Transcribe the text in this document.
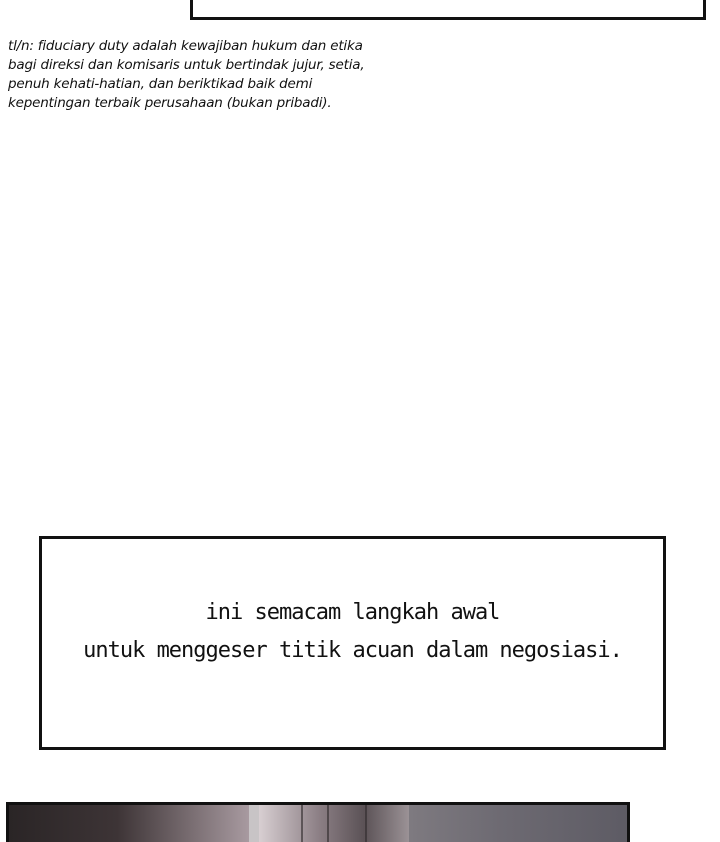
tl/n: fiduciary duty adalah kewajiban hukum dan etika
bagi direksi dan komisaris untuk bertindak jujur, setia,
penuh kehati-hatian, dan beriktikad baik demi
kepentingan terbaik perusahaan (bukan pribadi).
ini semacam langkah awal
untuk menggeser titik acuan dalam negosiasi.
